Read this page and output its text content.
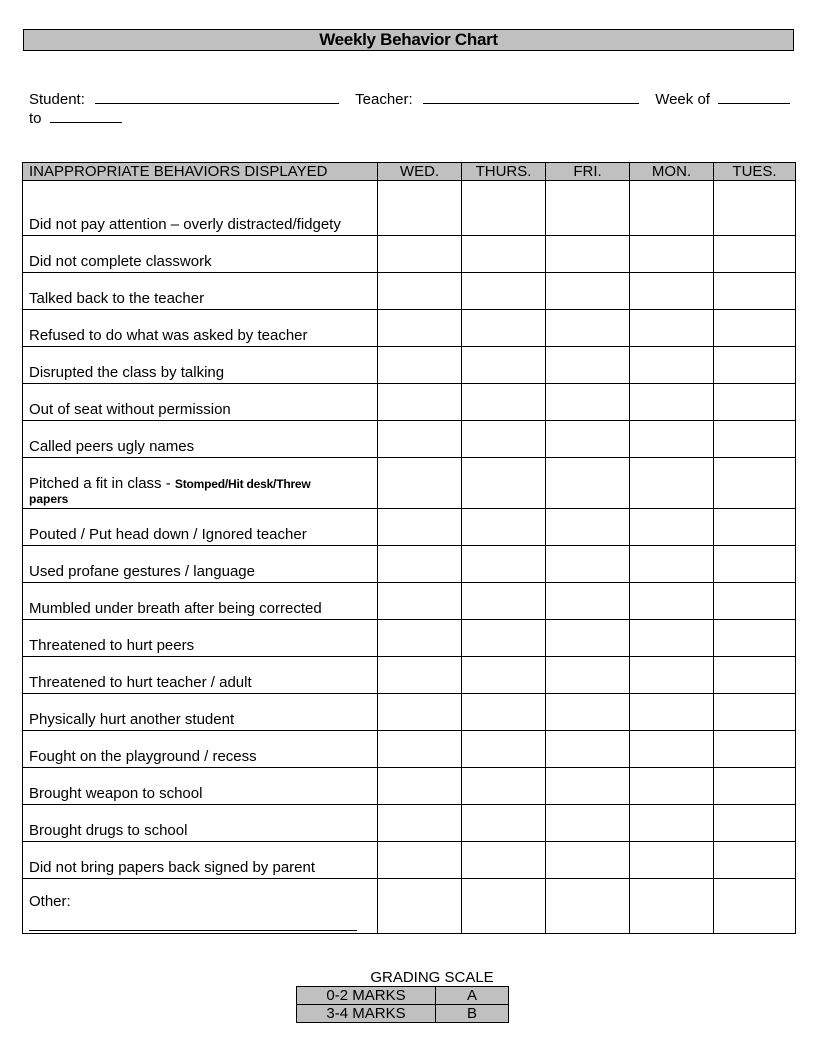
Weekly Behavior Chart
Student:	Teacher:	Week of
to
INAPPROPRIATE BEHAVIORS DISPLAYED	WED.	THURS.	FRI.	MON.	TUES.
Did not pay attention – overly distracted/fidgety					
Did not complete classwork					
Talked back to the teacher					
Refused to do what was asked by teacher					
Disrupted the class by talking					
Out of seat without permission					
Called peers ugly names					
Pitched a fit in class - Stomped/Hit desk/Threw
papers					

Pouted / Put head down / Ignored teacher					
Used profane gestures / language					
Mumbled under breath after being corrected					
Threatened to hurt peers					
Threatened to hurt teacher / adult					
Physically hurt another student					
Fought on the playground / recess					
Brought weapon to school					
Brought drugs to school					
Did not bring papers back signed by parent					
Other:

GRADING SCALE
0-2 MARKS	A
3-4 MARKS	B
